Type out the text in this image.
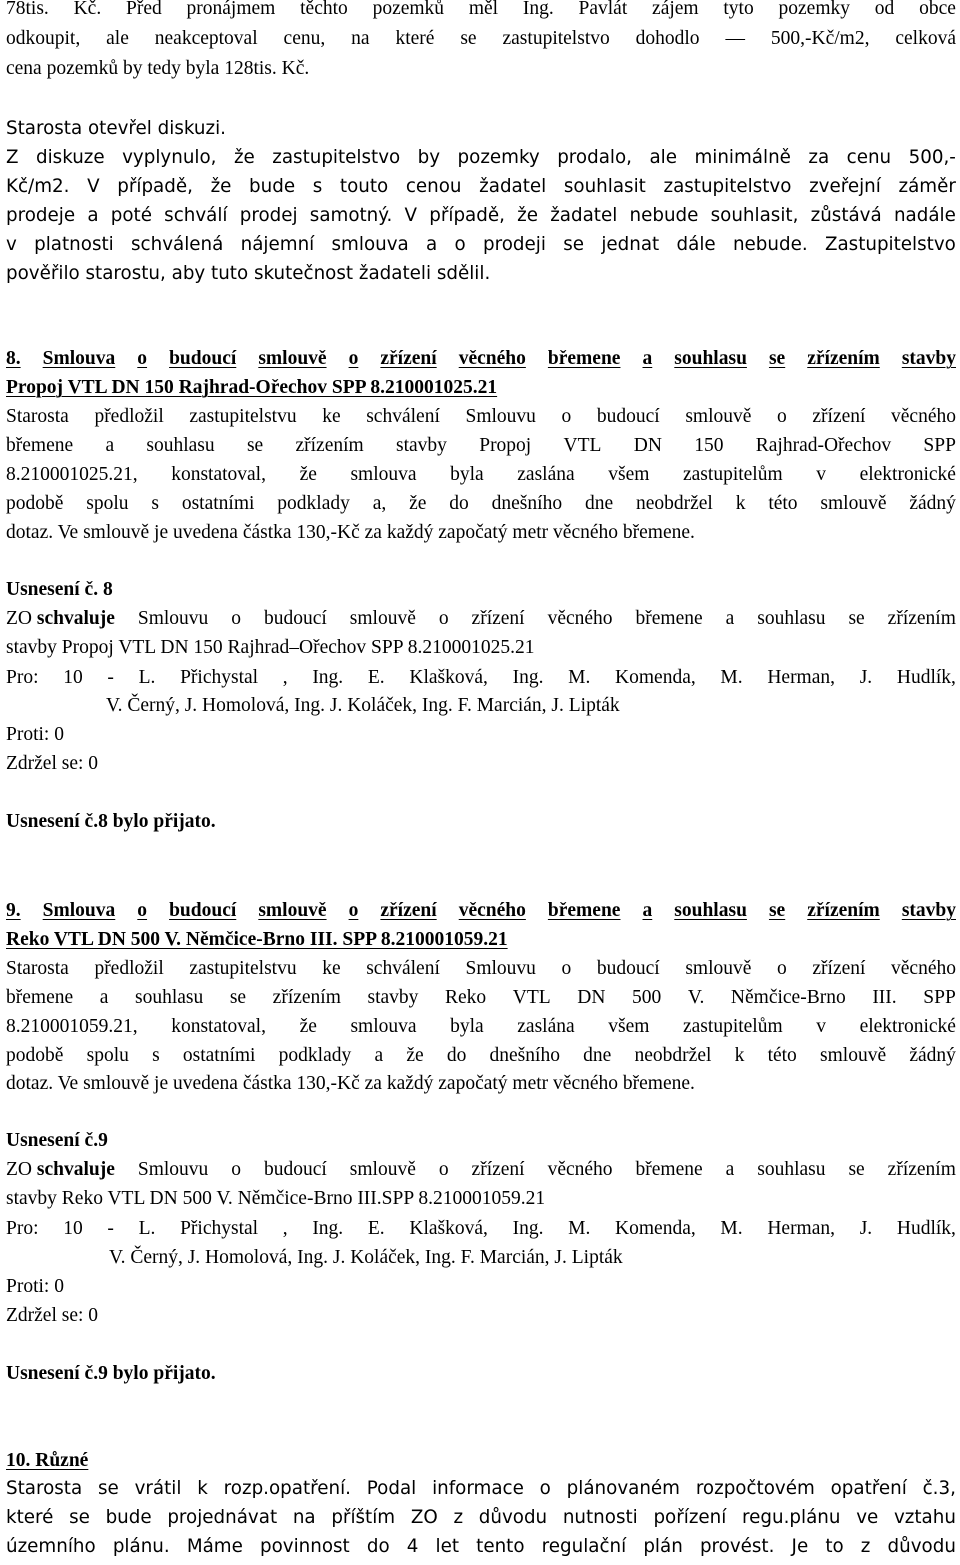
78tis. Kč. Před pronájmem těchto pozemků měl Ing. Pavlát zájem tyto pozemky od obce
odkoupit, ale neakceptoval cenu, na které se zastupitelstvo dohodlo — 500,-Kč/m2, celková
cena pozemků by tedy byla 128tis. Kč.
Starosta otevřel diskuzi.
Z diskuze vyplynulo, že zastupitelstvo by pozemky prodalo, ale minimálně za cenu 500,-
Kč/m2. V případě, že bude s touto cenou žadatel souhlasit zastupitelstvo zveřejní záměr
prodeje a poté schválí prodej samotný. V případě, že žadatel nebude souhlasit, zůstává nadále
v platnosti schválená nájemní smlouva a o prodeji se jednat dále nebude. Zastupitelstvo
pověřilo starostu, aby tuto skutečnost žadateli sdělil.
8. Smlouva o budoucí smlouvě o zřízení věcného břemene a souhlasu se zřízením stavby
Propoj VTL DN 150 Rajhrad-Ořechov SPP 8.210001025.21
Starosta předložil zastupitelstvu ke schválení Smlouvu o budoucí smlouvě o zřízení věcného
břemene a souhlasu se zřízením stavby Propoj VTL DN 150 Rajhrad-Ořechov SPP
8.210001025.21, konstatoval, že smlouva byla zaslána všem zastupitelům v elektronické
podobě spolu s ostatními podklady a, že do dnešního dne neobdržel k této smlouvě žádný
dotaz. Ve smlouvě je uvedena částka 130,-Kč za každý započatý metr věcného břemene.
Usnesení č. 8
ZO schvaluje Smlouvu o budoucí smlouvě o zřízení věcného břemene a souhlasu se zřízením
stavby Propoj VTL DN 150 Rajhrad–Ořechov SPP 8.210001025.21
Pro: 10 - L. Přichystal , Ing. E. Klašková, Ing. M. Komenda, M. Herman, J. Hudlík,
V. Černý, J. Homolová, Ing. J. Koláček, Ing. F. Marcián, J. Lipták
Proti: 0
Zdržel se: 0
Usnesení č.8 bylo přijato.
9. Smlouva o budoucí smlouvě o zřízení věcného břemene a souhlasu se zřízením stavby
Reko VTL DN 500 V. Němčice-Brno III. SPP 8.210001059.21
Starosta předložil zastupitelstvu ke schválení Smlouvu o budoucí smlouvě o zřízení věcného
břemene a souhlasu se zřízením stavby Reko VTL DN 500 V. Němčice-Brno III. SPP
8.210001059.21, konstatoval, že smlouva byla zaslána všem zastupitelům v elektronické
podobě spolu s ostatními podklady a že do dnešního dne neobdržel k této smlouvě žádný
dotaz. Ve smlouvě je uvedena částka 130,-Kč za každý započatý metr věcného břemene.
Usnesení č.9
ZO schvaluje Smlouvu o budoucí smlouvě o zřízení věcného břemene a souhlasu se zřízením
stavby Reko VTL DN 500 V. Němčice-Brno III.SPP 8.210001059.21
Pro: 10 - L. Přichystal , Ing. E. Klašková, Ing. M. Komenda, M. Herman, J. Hudlík,
V. Černý, J. Homolová, Ing. J. Koláček, Ing. F. Marcián, J. Lipták
Proti: 0
Zdržel se: 0
Usnesení č.9 bylo přijato.
10. Různé
Starosta se vrátil k rozp.opatření. Podal informace o plánovaném rozpočtovém opatření č.3,
které se bude projednávat na příštím ZO z důvodu nutnosti pořízení regu.plánu ve vztahu
územního plánu. Máme povinnost do 4 let tento regulační plán provést. Je to z důvodu
